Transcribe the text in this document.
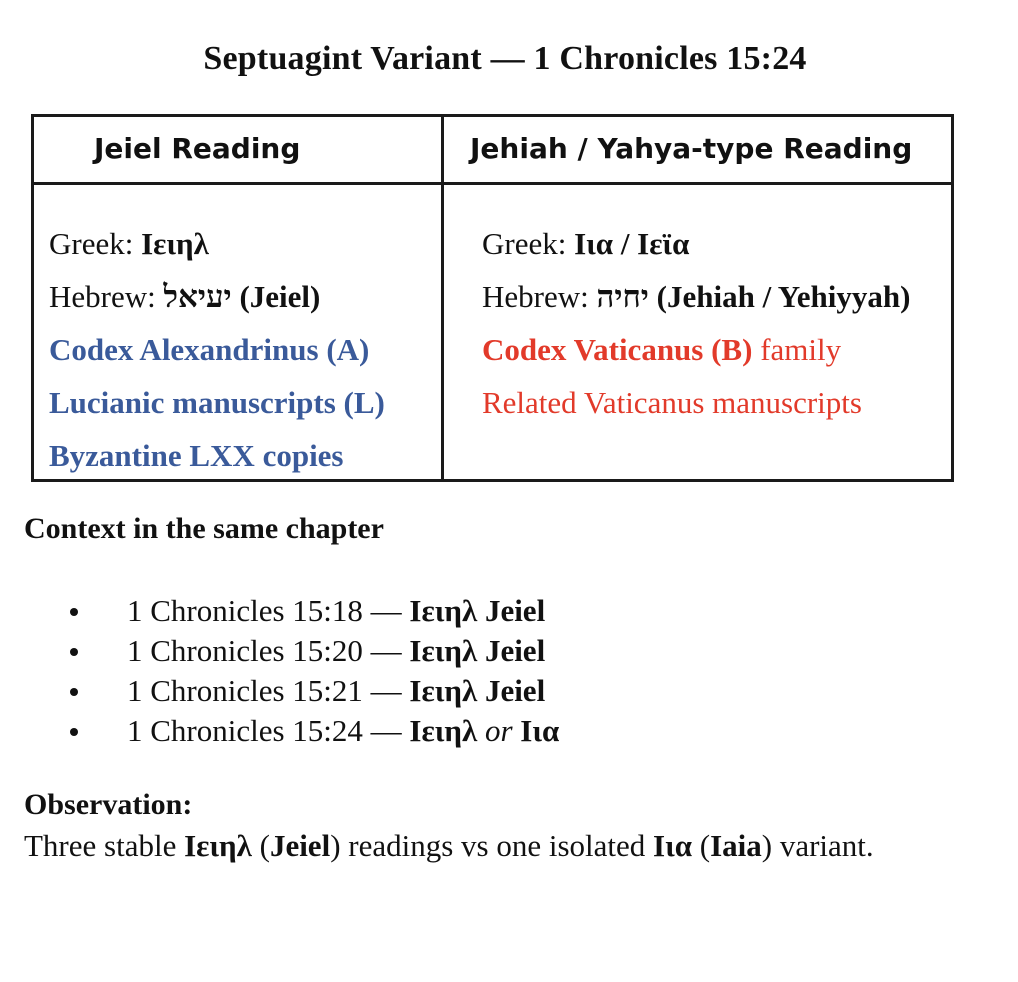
Septuagint Variant — 1 Chronicles 15:24
Jeiel Reading	Jehiah / Yahya-type Reading
Greek: Ιειηλ
Hebrew: יעיאל (Jeiel)
Codex Alexandrinus (A)
Lucianic manuscripts (L)
Byzantine LXX copies
Greek: Ιια / Ιεϊα
Hebrew: יחיה (Jehiah / Yehiyyah)
Codex Vaticanus (B) family
Related Vaticanus manuscripts
Context in the same chapter
1 Chronicles 15:18 — Ιειηλ Jeiel
1 Chronicles 15:20 — Ιειηλ Jeiel
1 Chronicles 15:21 — Ιειηλ Jeiel
1 Chronicles 15:24 — Ιειηλ or Ιια
Observation:
Three stable Ιειηλ (Jeiel) readings vs one isolated Ιια (Iaia) variant.
